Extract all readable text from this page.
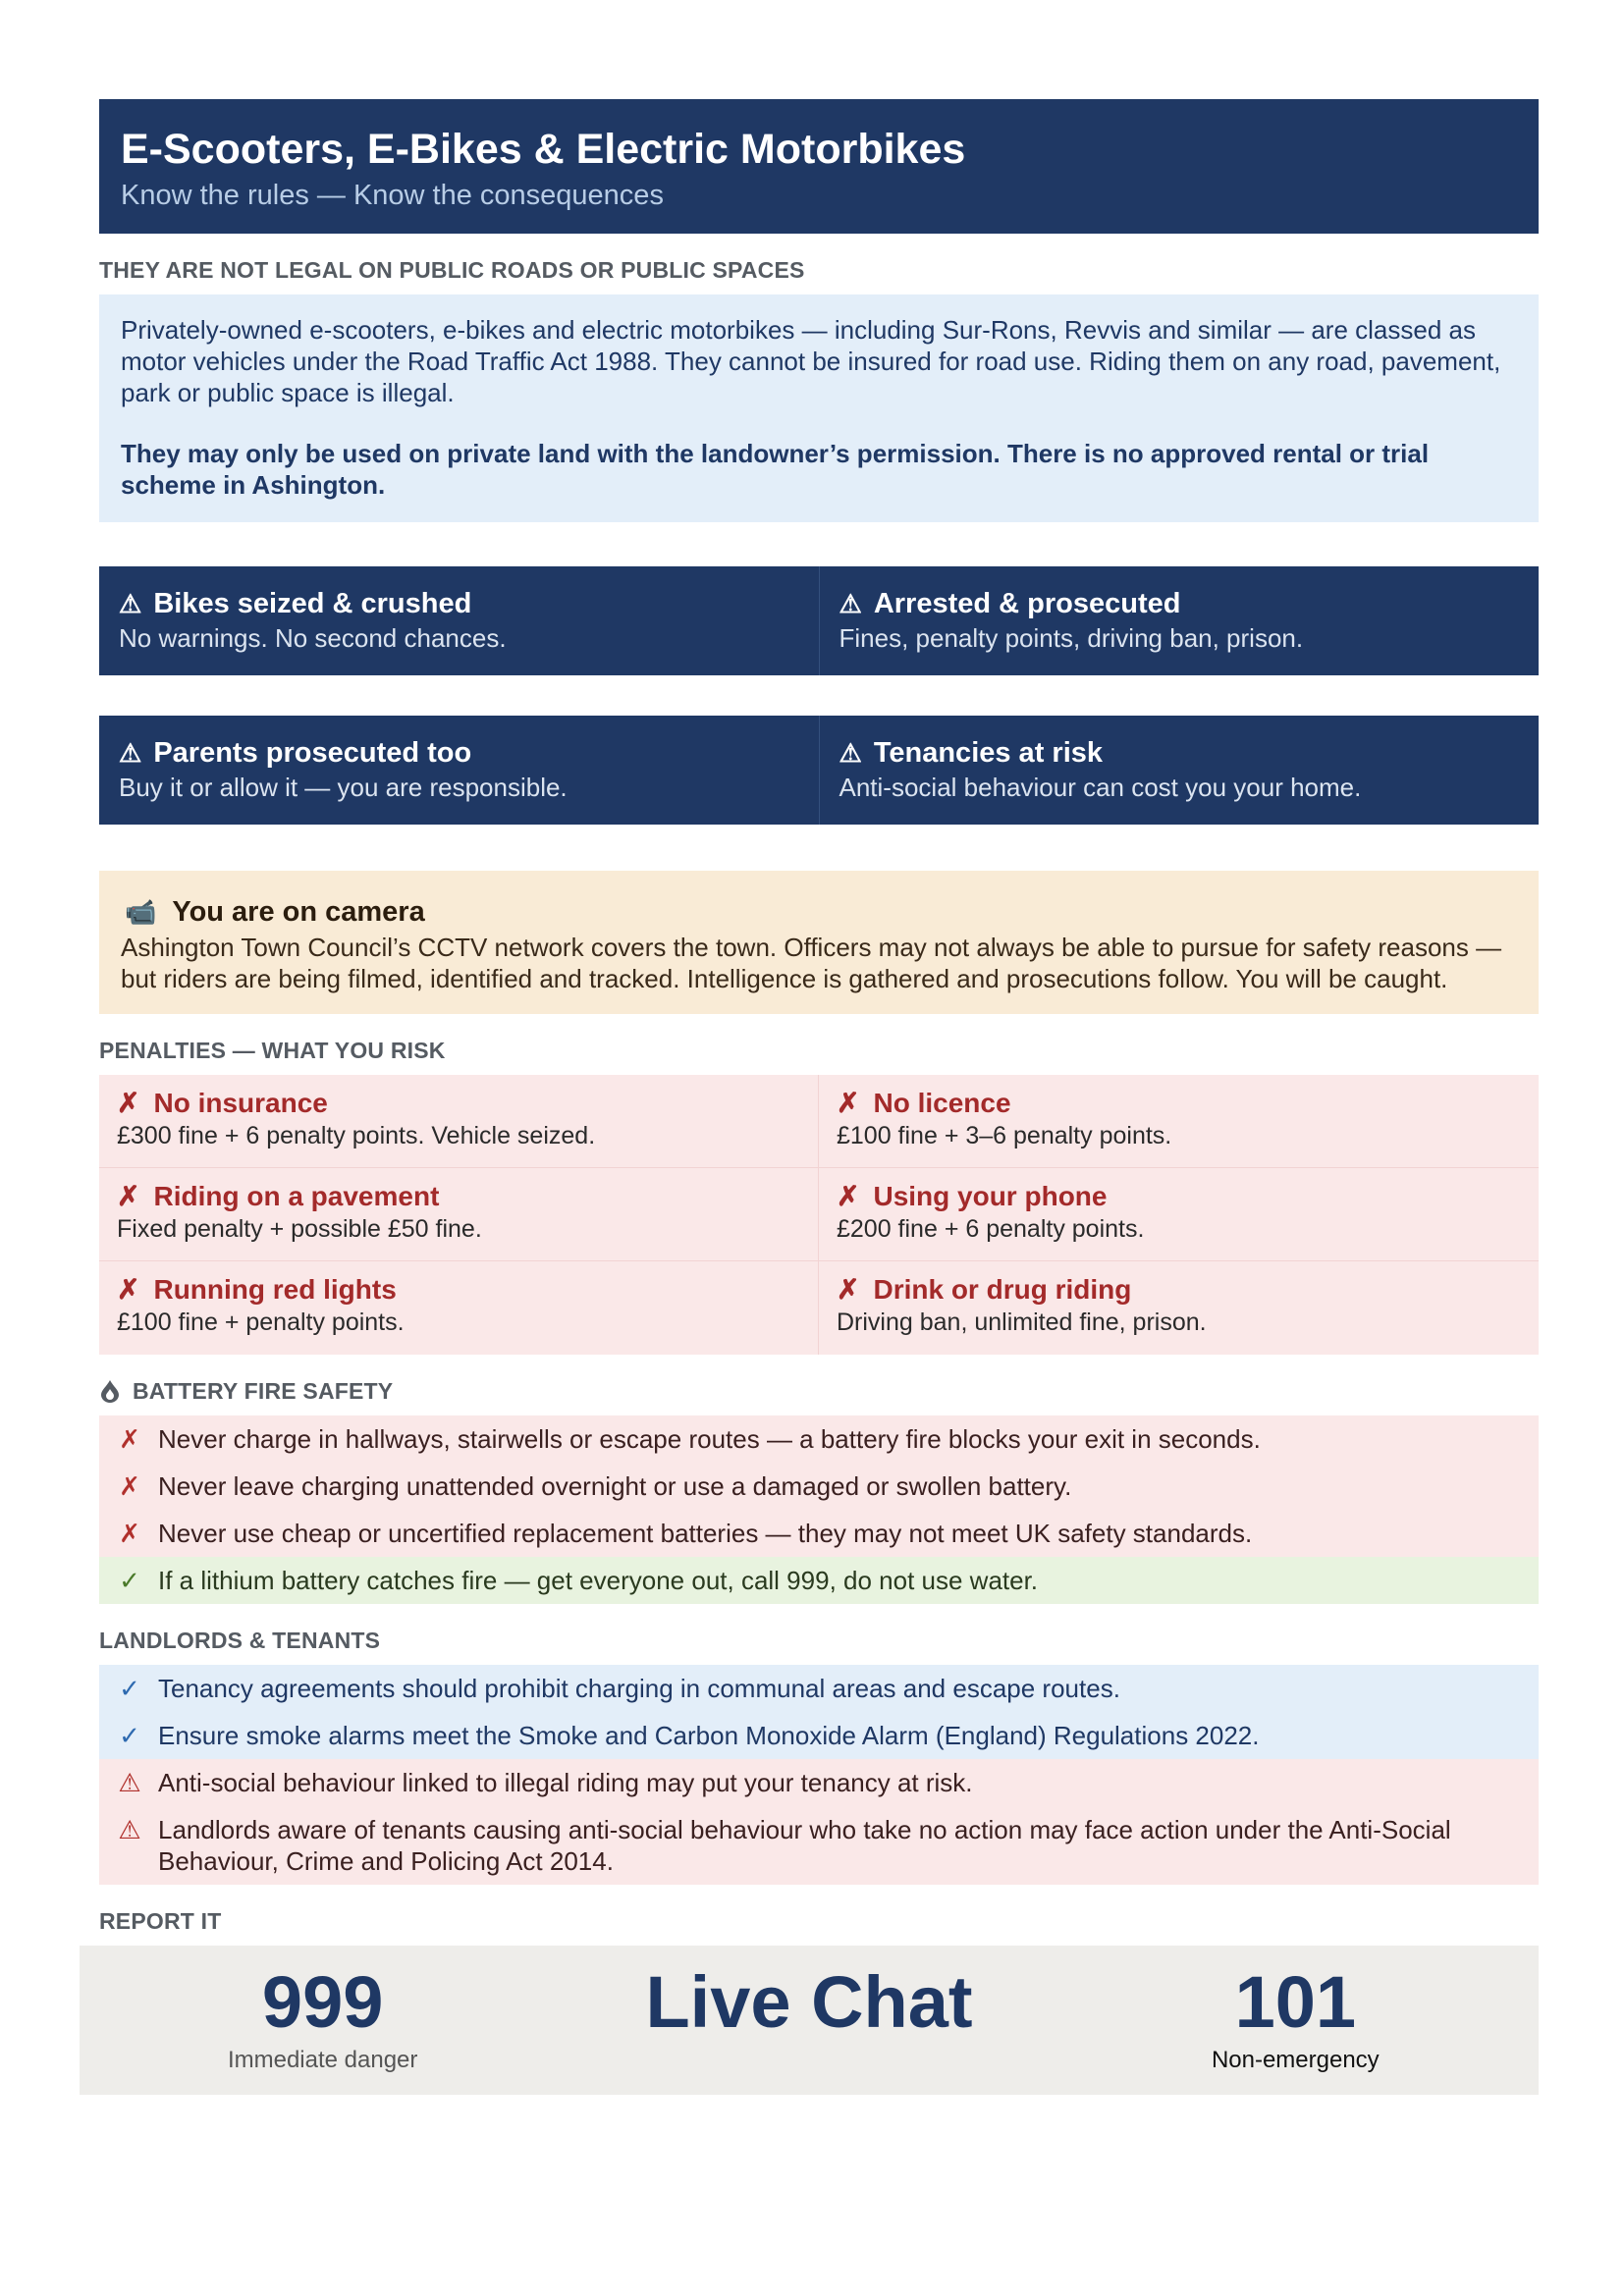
E-Scooters, E-Bikes & Electric Motorbikes
Know the rules — Know the consequences
THEY ARE NOT LEGAL ON PUBLIC ROADS OR PUBLIC SPACES

Privately-owned e-scooters, e-bikes and electric motorbikes — including Sur-Rons, Revvis and similar — are classed as motor vehicles under the Road Traffic Act 1988. They cannot be insured for road use. Riding them on any road, pavement, park or public space is illegal.

They may only be used on private land with the landowner’s permission. There is no approved rental or trial scheme in Ashington.

⚠ Bikes seized & crushed
No warnings. No second chances.
⚠ Arrested & prosecuted
Fines, penalty points, driving ban, prison.
⚠ Parents prosecuted too
Buy it or allow it — you are responsible.
⚠ Tenancies at risk
Anti-social behaviour can cost you your home.
📹 You are on camera
Ashington Town Council’s CCTV network covers the town. Officers may not always be able to pursue for safety reasons — but riders are being filmed, identified and tracked. Intelligence is gathered and prosecutions follow. You will be caught.
PENALTIES — WHAT YOU RISK
✗ No insurance
£300 fine + 6 penalty points. Vehicle seized.
✗ No licence
£100 fine + 3–6 penalty points.
✗ Riding on a pavement
Fixed penalty + possible £50 fine.
✗ Using your phone
£200 fine + 6 penalty points.
✗ Running red lights
£100 fine + penalty points.
✗ Drink or drug riding
Driving ban, unlimited fine, prison.
BATTERY FIRE SAFETY
✗ Never charge in hallways, stairwells or escape routes — a battery fire blocks your exit in seconds.
✗ Never leave charging unattended overnight or use a damaged or swollen battery.
✗ Never use cheap or uncertified replacement batteries — they may not meet UK safety standards.
✓ If a lithium battery catches fire — get everyone out, call 999, do not use water.
LANDLORDS & TENANTS
✓ Tenancy agreements should prohibit charging in communal areas and escape routes.
✓ Ensure smoke alarms meet the Smoke and Carbon Monoxide Alarm (England) Regulations 2022.
⚠ Anti-social behaviour linked to illegal riding may put your tenancy at risk.
⚠ Landlords aware of tenants causing anti-social behaviour who take no action may face action under the Anti-Social Behaviour, Crime and Policing Act 2014.
REPORT IT
999
Immediate danger
Live Chat	101
Non-emergency
